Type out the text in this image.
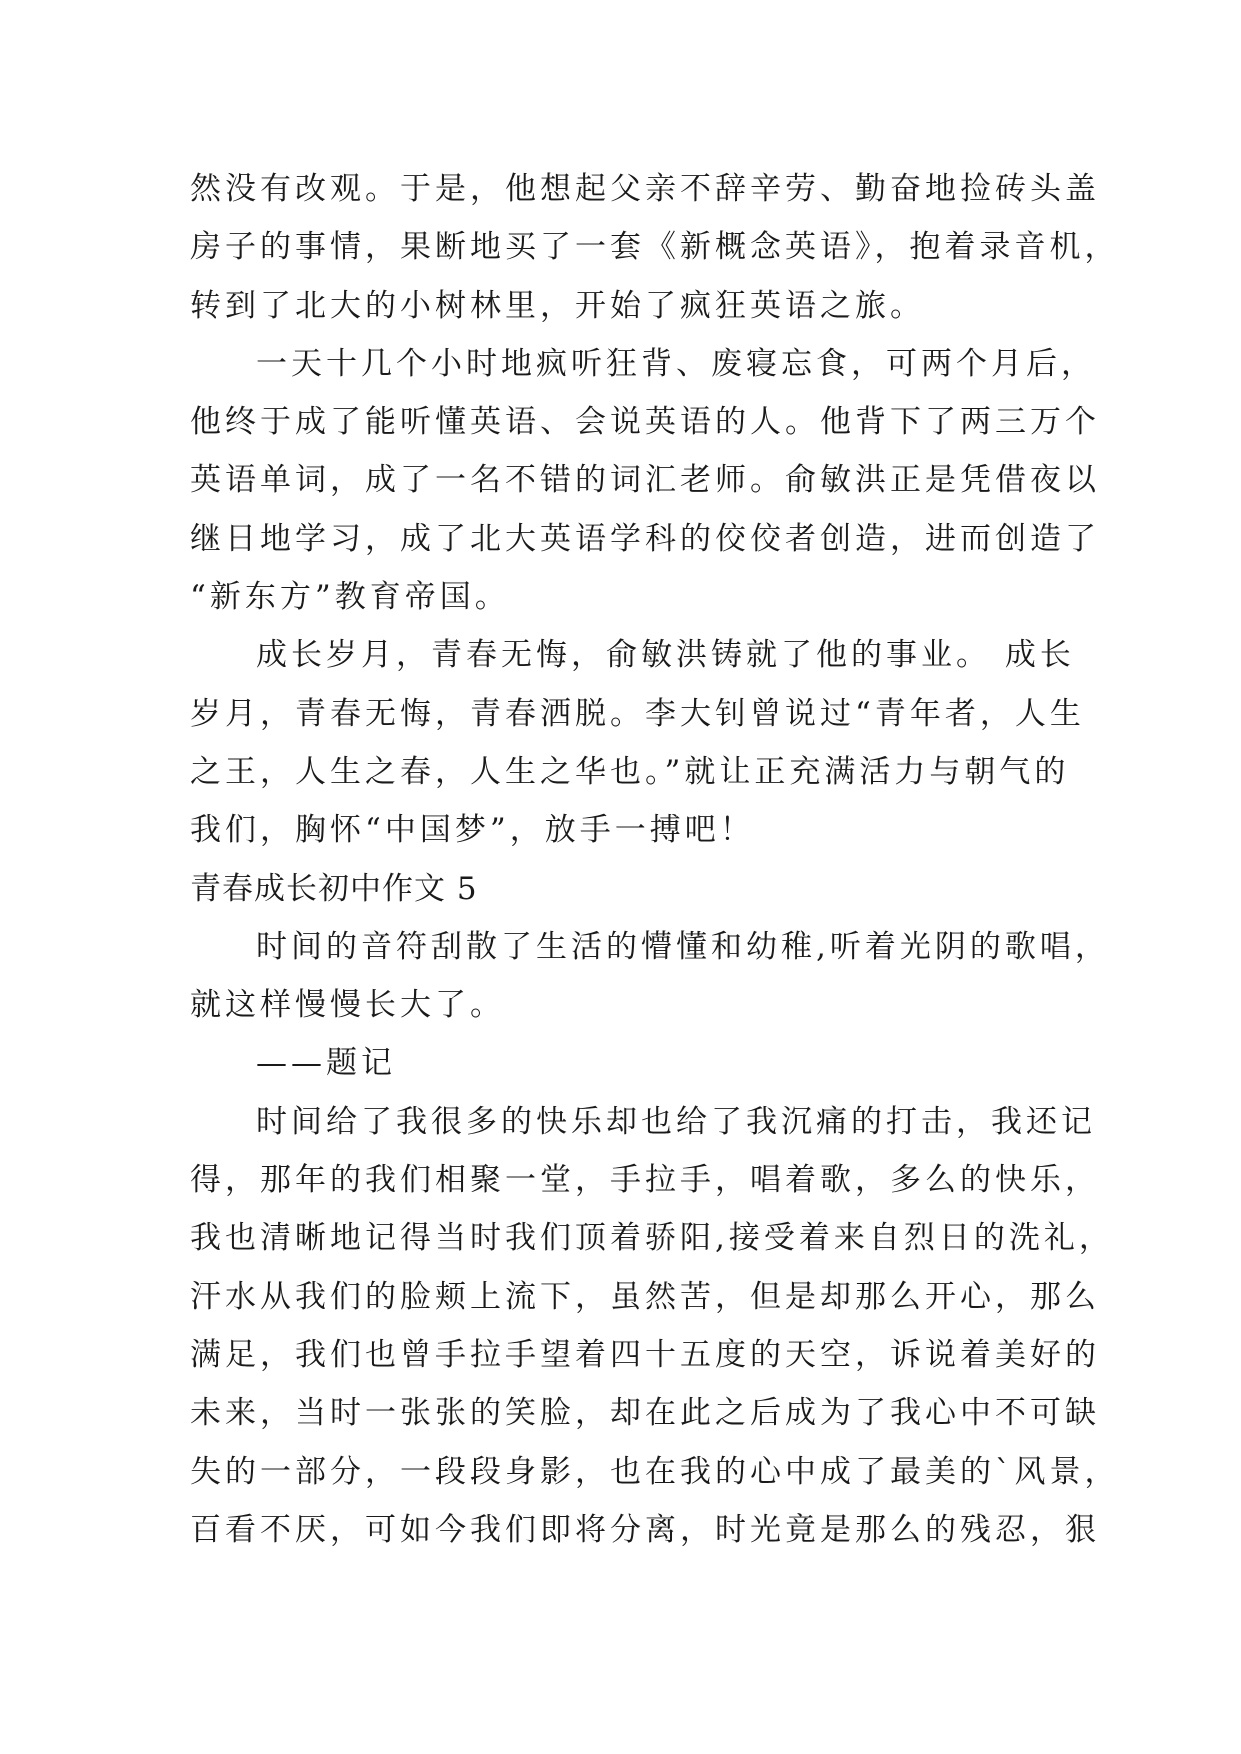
然没有改观。于是，他想起父亲不辞辛劳、勤奋地捡砖头盖
房子的事情，果断地买了一套《新概念英语》，抱着录音机，
转到了北大的小树林里，开始了疯狂英语之旅。
一天十几个小时地疯听狂背、废寝忘食，可两个月后，
他终于成了能听懂英语、会说英语的人。他背下了两三万个
英语单词，成了一名不错的词汇老师。俞敏洪正是凭借夜以
继日地学习，成了北大英语学科的佼佼者创造，进而创造了
“新东方”教育帝国。
成长岁月，青春无悔，俞敏洪铸就了他的事业。 成长
岁月，青春无悔，青春洒脱。李大钊曾说过“青年者，人生
之王，人生之春，人生之华也。”就让正充满活力与朝气的
我们，胸怀“中国梦”，放手一搏吧！
青春成长初中作文 5
时间的音符刮散了生活的懵懂和幼稚,听着光阴的歌唱，
就这样慢慢长大了。
——题记
时间给了我很多的快乐却也给了我沉痛的打击，我还记
得，那年的我们相聚一堂，手拉手，唱着歌，多么的快乐，
我也清晰地记得当时我们顶着骄阳,接受着来自烈日的洗礼，
汗水从我们的脸颊上流下，虽然苦，但是却那么开心，那么
满足，我们也曾手拉手望着四十五度的天空，诉说着美好的
未来，当时一张张的笑脸，却在此之后成为了我心中不可缺
失的一部分，一段段身影，也在我的心中成了最美的`风景，
百看不厌，可如今我们即将分离，时光竟是那么的残忍，狠
